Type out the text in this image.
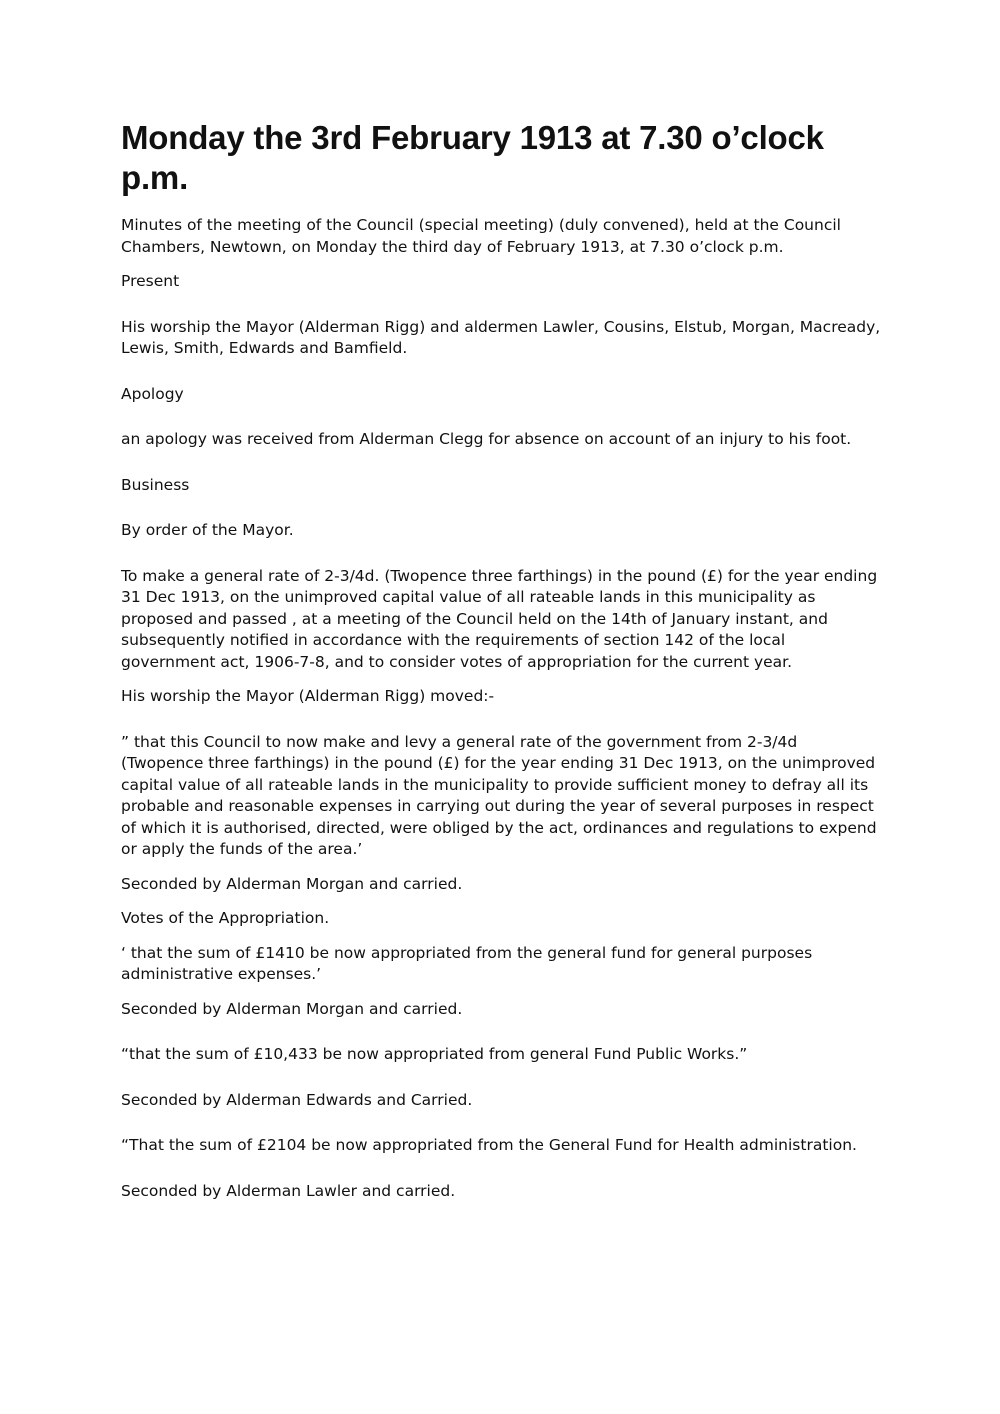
Monday the 3rd February 1913 at 7.30 o’clock p.m.

Minutes of the meeting of the Council (special meeting) (duly convened), held at the Council Chambers, Newtown, on Monday the third day of February 1913, at 7.30 o’clock p.m.

Present

His worship the Mayor (Alderman Rigg) and aldermen Lawler, Cousins, Elstub, Morgan, Macready, Lewis, Smith, Edwards and Bamfield.

Apology

an apology was received from Alderman Clegg for absence on account of an injury to his foot.

Business

By order of the Mayor.

To make a general rate of 2-3/4d. (Twopence three farthings) in the pound (£) for the year ending 31 Dec 1913, on the unimproved capital value of all rateable lands in this municipality as proposed and passed , at a meeting of the Council held on the 14th of January instant, and subsequently notified in accordance with the requirements of section 142 of the local government act, 1906-7-8, and to consider votes of appropriation for the current year.

His worship the Mayor (Alderman Rigg) moved:-

” that this Council to now make and levy a general rate of the government from 2-3/4d (Twopence three farthings) in the pound (£) for the year ending 31 Dec 1913, on the unimproved capital value of all rateable lands in the municipality to provide sufficient money to defray all its probable and reasonable expenses in carrying out during the year of several purposes in respect of which it is authorised, directed, were obliged by the act, ordinances and regulations to expend or apply the funds of the area.’

Seconded by Alderman Morgan and carried.

Votes of the Appropriation.

‘ that the sum of £1410 be now appropriated from the general fund for general purposes administrative expenses.’

Seconded by Alderman Morgan and carried.

“that the sum of £10,433 be now appropriated from general Fund Public Works.”

Seconded by Alderman Edwards and Carried.

“That the sum of £2104 be now appropriated from the General Fund for Health administration.

Seconded by Alderman Lawler and carried.
